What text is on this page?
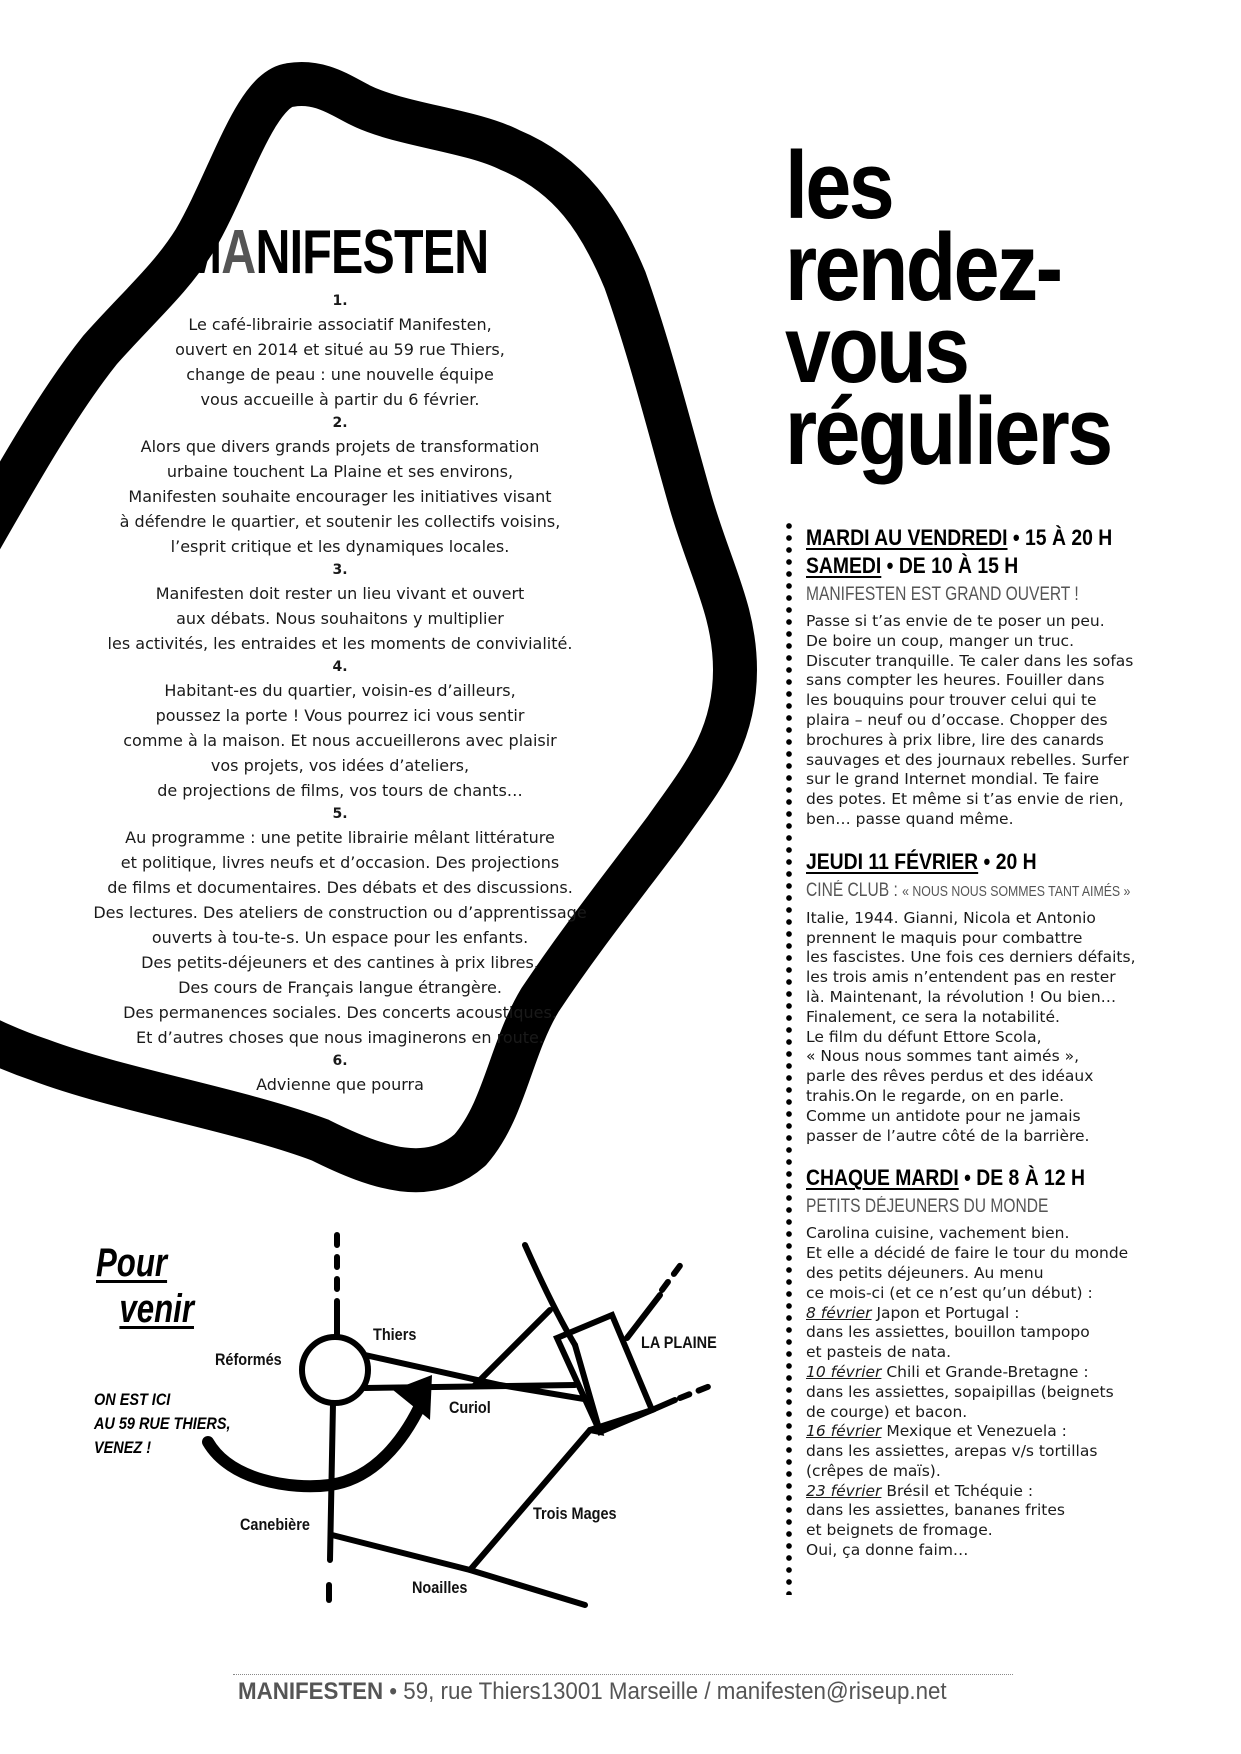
MANIFESTEN
1.
Le café-librairie associatif Manifesten,
ouvert en 2014 et situé au 59 rue Thiers,
change de peau : une nouvelle équipe
vous accueille à partir du 6 février.
2.
Alors que divers grands projets de transformation
urbaine touchent La Plaine et ses environs,
Manifesten souhaite encourager les initiatives visant
à défendre le quartier, et soutenir les collectifs voisins,
l’esprit critique et les dynamiques locales.
3.
Manifesten doit rester un lieu vivant et ouvert
aux débats. Nous souhaitons y multiplier
les activités, les entraides et les moments de convivialité.
4.
Habitant-es du quartier, voisin-es d’ailleurs,
poussez la porte ! Vous pourrez ici vous sentir
comme à la maison. Et nous accueillerons avec plaisir
vos projets, vos idées d’ateliers,
de projections de films, vos tours de chants…
5.
Au programme : une petite librairie mêlant littérature
et politique, livres neufs et d’occasion. Des projections
de films et documentaires. Des débats et des discussions.
Des lectures. Des ateliers de construction ou d’apprentissage
ouverts à tou-te-s. Un espace pour les enfants.
Des petits-déjeuners et des cantines à prix libres.
Des cours de Français langue étrangère.
Des permanences sociales. Des concerts acoustiques.
Et d’autres choses que nous imaginerons en route.
6.
Advienne que pourra
les
rendez-
vous
réguliers
MARDI AU VENDREDI • 15 À 20 H
SAMEDI • DE 10 À 15 H
MANIFESTEN EST GRAND OUVERT !
Passe si t’as envie de te poser un peu.
De boire un coup, manger un truc.
Discuter tranquille. Te caler dans les sofas
sans compter les heures. Fouiller dans
les bouquins pour trouver celui qui te
plaira – neuf ou d’occase. Chopper des
brochures à prix libre, lire des canards
sauvages et des journaux rebelles. Surfer
sur le grand Internet mondial. Te faire
des potes. Et même si t’as envie de rien,
ben… passe quand même.
JEUDI 11 FÉVRIER • 20 H
CINÉ CLUB : « NOUS NOUS SOMMES TANT AIMÉS »
Italie, 1944. Gianni, Nicola et Antonio
prennent le maquis pour combattre
les fascistes. Une fois ces derniers défaits,
les trois amis n’entendent pas en rester
là. Maintenant, la révolution ! Ou bien…
Finalement, ce sera la notabilité.
Le film du défunt Ettore Scola,
« Nous nous sommes tant aimés »,
parle des rêves perdus et des idéaux
trahis.On le regarde, on en parle.
Comme un antidote pour ne jamais
passer de l’autre côté de la barrière.
CHAQUE MARDI • DE 8 À 12 H
PETITS DÉJEUNERS DU MONDE
Carolina cuisine, vachement bien.
Et elle a décidé de faire le tour du monde
des petits déjeuners. Au menu
ce mois-ci (et ce n’est qu’un début) :
8 février Japon et Portugal :
dans les assiettes, bouillon tampopo
et pasteis de nata.
10 février Chili et Grande-Bretagne :
dans les assiettes, sopaipillas (beignets
de courge) et bacon.
16 février Mexique et Venezuela :
dans les assiettes, arepas v/s tortillas
(crêpes de maïs).
23 février Brésil et Tchéquie :
dans les assiettes, bananes frites
et beignets de fromage.
Oui, ça donne faim…
Pour
venir
ON EST ICI
AU 59 RUE THIERS,
VENEZ !
Thiers
Réformés
Curiol
LA PLAINE
Canebière
Trois Mages
Noailles
MANIFESTEN • 59, rue Thiers13001 Marseille / manifesten@riseup.net
